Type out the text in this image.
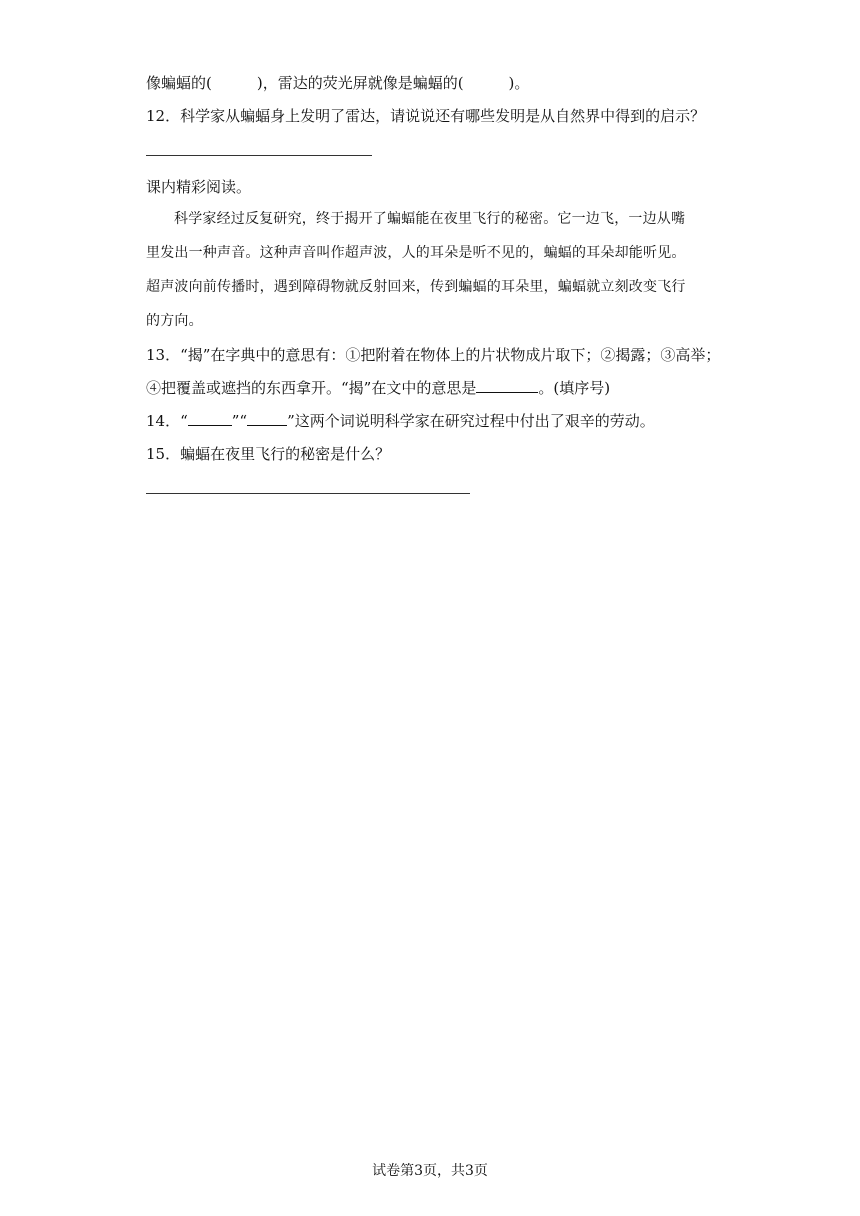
像蝙蝠的(　　　)，雷达的荧光屏就像是蝙蝠的(　　　)。
12．科学家从蝙蝠身上发明了雷达，请说说还有哪些发明是从自然界中得到的启示？
课内精彩阅读。
科学家经过反复研究，终于揭开了蝙蝠能在夜里飞行的秘密。它一边飞，一边从嘴
里发出一种声音。这种声音叫作超声波，人的耳朵是听不见的，蝙蝠的耳朵却能听见。
超声波向前传播时，遇到障碍物就反射回来，传到蝙蝠的耳朵里，蝙蝠就立刻改变飞行
的方向。
13．“揭”在字典中的意思有：①把附着在物体上的片状物成片取下；②揭露；③高举；
④把覆盖或遮挡的东西拿开。“揭”在文中的意思是	。(填序号)
14．“	”“	”这两个词说明科学家在研究过程中付出了艰辛的劳动。
15．蝙蝠在夜里飞行的秘密是什么？
试卷第3页，共3页
